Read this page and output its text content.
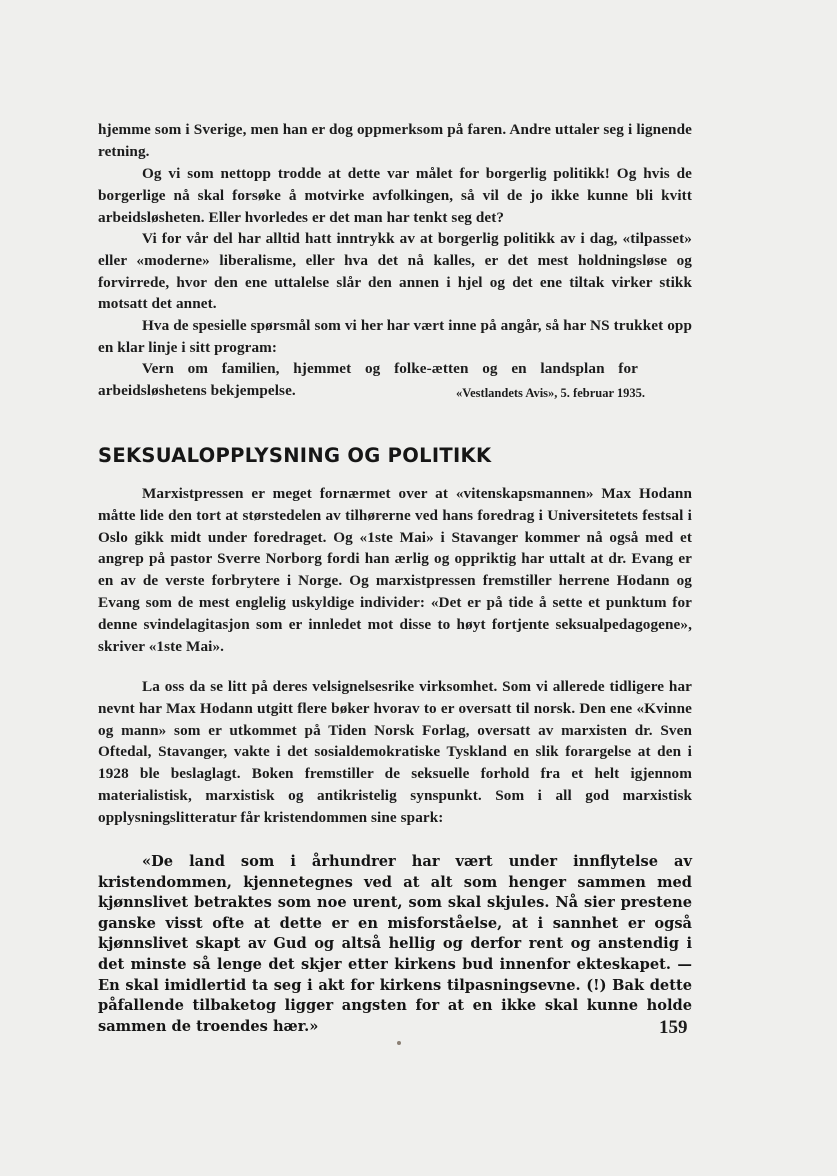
hjemme som i Sverige, men han er dog oppmerksom på faren. Andre uttaler seg i lignende retning.

Og vi som nettopp trodde at dette var målet for borgerlig politikk! Og hvis de borgerlige nå skal forsøke å motvirke avfolkingen, så vil de jo ikke kunne bli kvitt arbeidsløsheten. Eller hvorledes er det man har tenkt seg det?

Vi for vår del har alltid hatt inntrykk av at borgerlig politikk av i dag, «tilpasset» eller «moderne» liberalisme, eller hva det nå kalles, er det mest holdningsløse og forvirrede, hvor den ene uttalelse slår den annen i hjel og det ene tiltak virker stikk motsatt det annet.

Hva de spesielle spørsmål som vi her har vært inne på angår, så har NS trukket opp en klar linje i sitt program:

Vern om familien, hjemmet og folke-ætten og en landsplan for arbeidsløshetens bekjempelse.	«Vestlandets Avis», 5. februar 1935.
SEKSUALOPPLYSNING OG POLITIKK

Marxistpressen er meget fornærmet over at «vitenskapsmannen» Max Hodann måtte lide den tort at størstedelen av tilhørerne ved hans foredrag i Universitetets festsal i Oslo gikk midt under foredraget. Og «1ste Mai» i Stavanger kommer nå også med et angrep på pastor Sverre Norborg fordi han ærlig og oppriktig har uttalt at dr. Evang er en av de verste forbrytere i Norge. Og marxistpressen fremstiller herrene Hodann og Evang som de mest englelig uskyldige individer: «Det er på tide å sette et punktum for denne svindelagitasjon som er innledet mot disse to høyt fortjente seksualpedagogene», skriver «1ste Mai».

La oss da se litt på deres velsignelsesrike virksomhet. Som vi allerede tidligere har nevnt har Max Hodann utgitt flere bøker hvorav to er oversatt til norsk. Den ene «Kvinne og mann» som er utkommet på Tiden Norsk Forlag, oversatt av marxisten dr. Sven Oftedal, Stavanger, vakte i det sosialdemokratiske Tyskland en slik forargelse at den i 1928 ble beslaglagt. Boken fremstiller de seksuelle forhold fra et helt igjennom materialistisk, marxistisk og antikristelig synspunkt. Som i all god marxistisk opplysningslitteratur får kristendommen sine spark:

«De land som i århundrer har vært under innflytelse av kristendommen, kjennetegnes ved at alt som henger sammen med kjønnslivet betraktes som noe urent, som skal skjules. Nå sier prestene ganske visst ofte at dette er en misforståelse, at i sannhet er også kjønnslivet skapt av Gud og altså hellig og derfor rent og anstendig i det minste så lenge det skjer etter kirkens bud innenfor ekteskapet. — En skal imidlertid ta seg i akt for kirkens tilpasningsevne. (!) Bak dette påfallende tilbaketog ligger angsten for at en ikke skal kunne holde sammen de troendes hær.»	159
